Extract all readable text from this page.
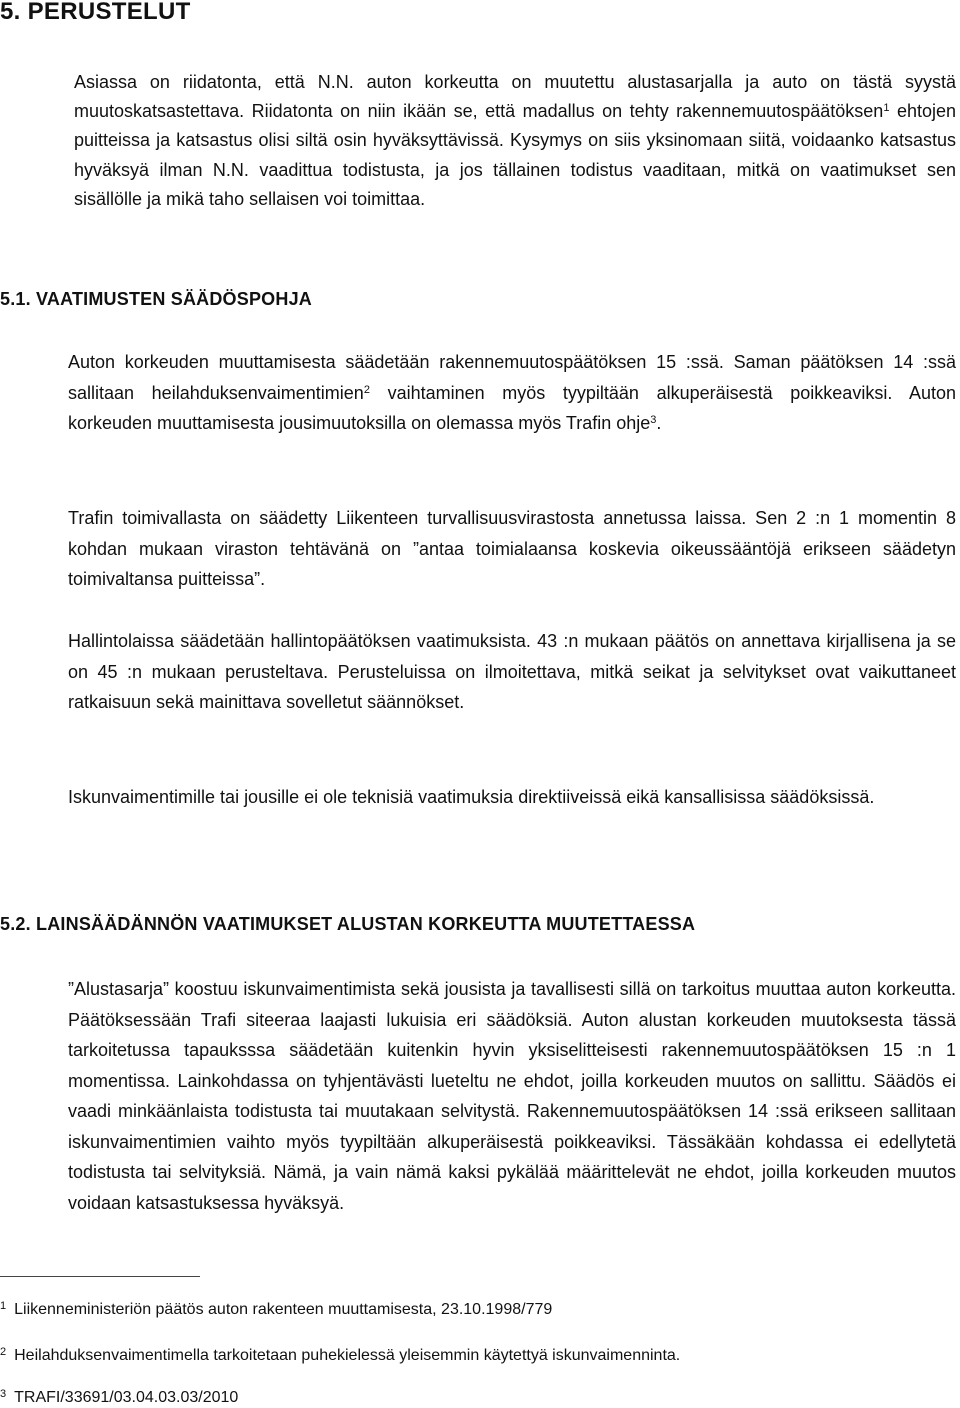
5. PERUSTELUT

Asiassa on riidatonta, että N.N. auton korkeutta on muutettu alustasarjalla ja auto on tästä syystä muutoskatsastettava. Riidatonta on niin ikään se, että madallus on tehty rakennemuutospäätöksen$^1$ ehtojen puitteissa ja katsastus olisi siltä osin hyväksyttävissä. Kysymys on siis yksinomaan siitä, voidaanko katsastus hyväksyä ilman N.N. vaadittua todistusta, ja jos tällainen todistus vaaditaan, mitkä on vaatimukset sen sisällölle ja mikä taho sellaisen voi toimittaa.

5.1. VAATIMUSTEN SÄÄDÖSPOHJA

Auton korkeuden muuttamisesta säädetään rakennemuutospäätöksen 15 :ssä. Saman päätöksen 14 :ssä sallitaan heilahduksenvaimentimien$^2$ vaihtaminen myös tyypiltään alkuperäisestä poikkeaviksi. Auton korkeuden muuttamisesta jousimuutoksilla on olemassa myös Trafin ohje$^3$.

Trafin toimivallasta on säädetty Liikenteen turvallisuusvirastosta annetussa laissa. Sen 2 :n 1 momentin 8 kohdan mukaan viraston tehtävänä on ”antaa toimialaansa koskevia oikeussääntöjä erikseen säädetyn toimivaltansa puitteissa”.

Hallintolaissa säädetään hallintopäätöksen vaatimuksista. 43 :n mukaan päätös on annettava kirjallisena ja se on 45 :n mukaan perusteltava. Perusteluissa on ilmoitettava, mitkä seikat ja selvitykset ovat vaikuttaneet ratkaisuun sekä mainittava sovelletut säännökset.

Iskunvaimentimille tai jousille ei ole teknisiä vaatimuksia direktiiveissä eikä kansallisissa säädöksissä.

5.2. LAINSÄÄDÄNNÖN VAATIMUKSET ALUSTAN KORKEUTTA MUUTETTAESSA

”Alustasarja” koostuu iskunvaimentimista sekä jousista ja tavallisesti sillä on tarkoitus muuttaa auton korkeutta. Päätöksessään Trafi siteeraa laajasti lukuisia eri säädöksiä. Auton alustan korkeuden muutoksesta tässä tarkoitetussa tapauksssa säädetään kuitenkin hyvin yksiselitteisesti rakennemuutospäätöksen 15 :n 1 momentissa. Lainkohdassa on tyhjentävästi lueteltu ne ehdot, joilla korkeuden muutos on sallittu. Säädös ei vaadi minkäänlaista todistusta tai muutakaan selvitystä. Rakennemuutospäätöksen 14 :ssä erikseen sallitaan iskunvaimentimien vaihto myös tyypiltään alkuperäisestä poikkeaviksi. Tässäkään kohdassa ei edellytetä todistusta tai selvityksiä. Nämä, ja vain nämä kaksi pykälää määrittelevät ne ehdot, joilla korkeuden muutos voidaan katsastuksessa hyväksyä.

$^1$ Liikenneministeriön päätös auton rakenteen muuttamisesta, 23.10.1998/779
$^2$ Heilahduksenvaimentimella tarkoitetaan puhekielessä yleisemmin käytettyä iskunvaimenninta.
$^3$ TRAFI/33691/03.04.03.03/2010
